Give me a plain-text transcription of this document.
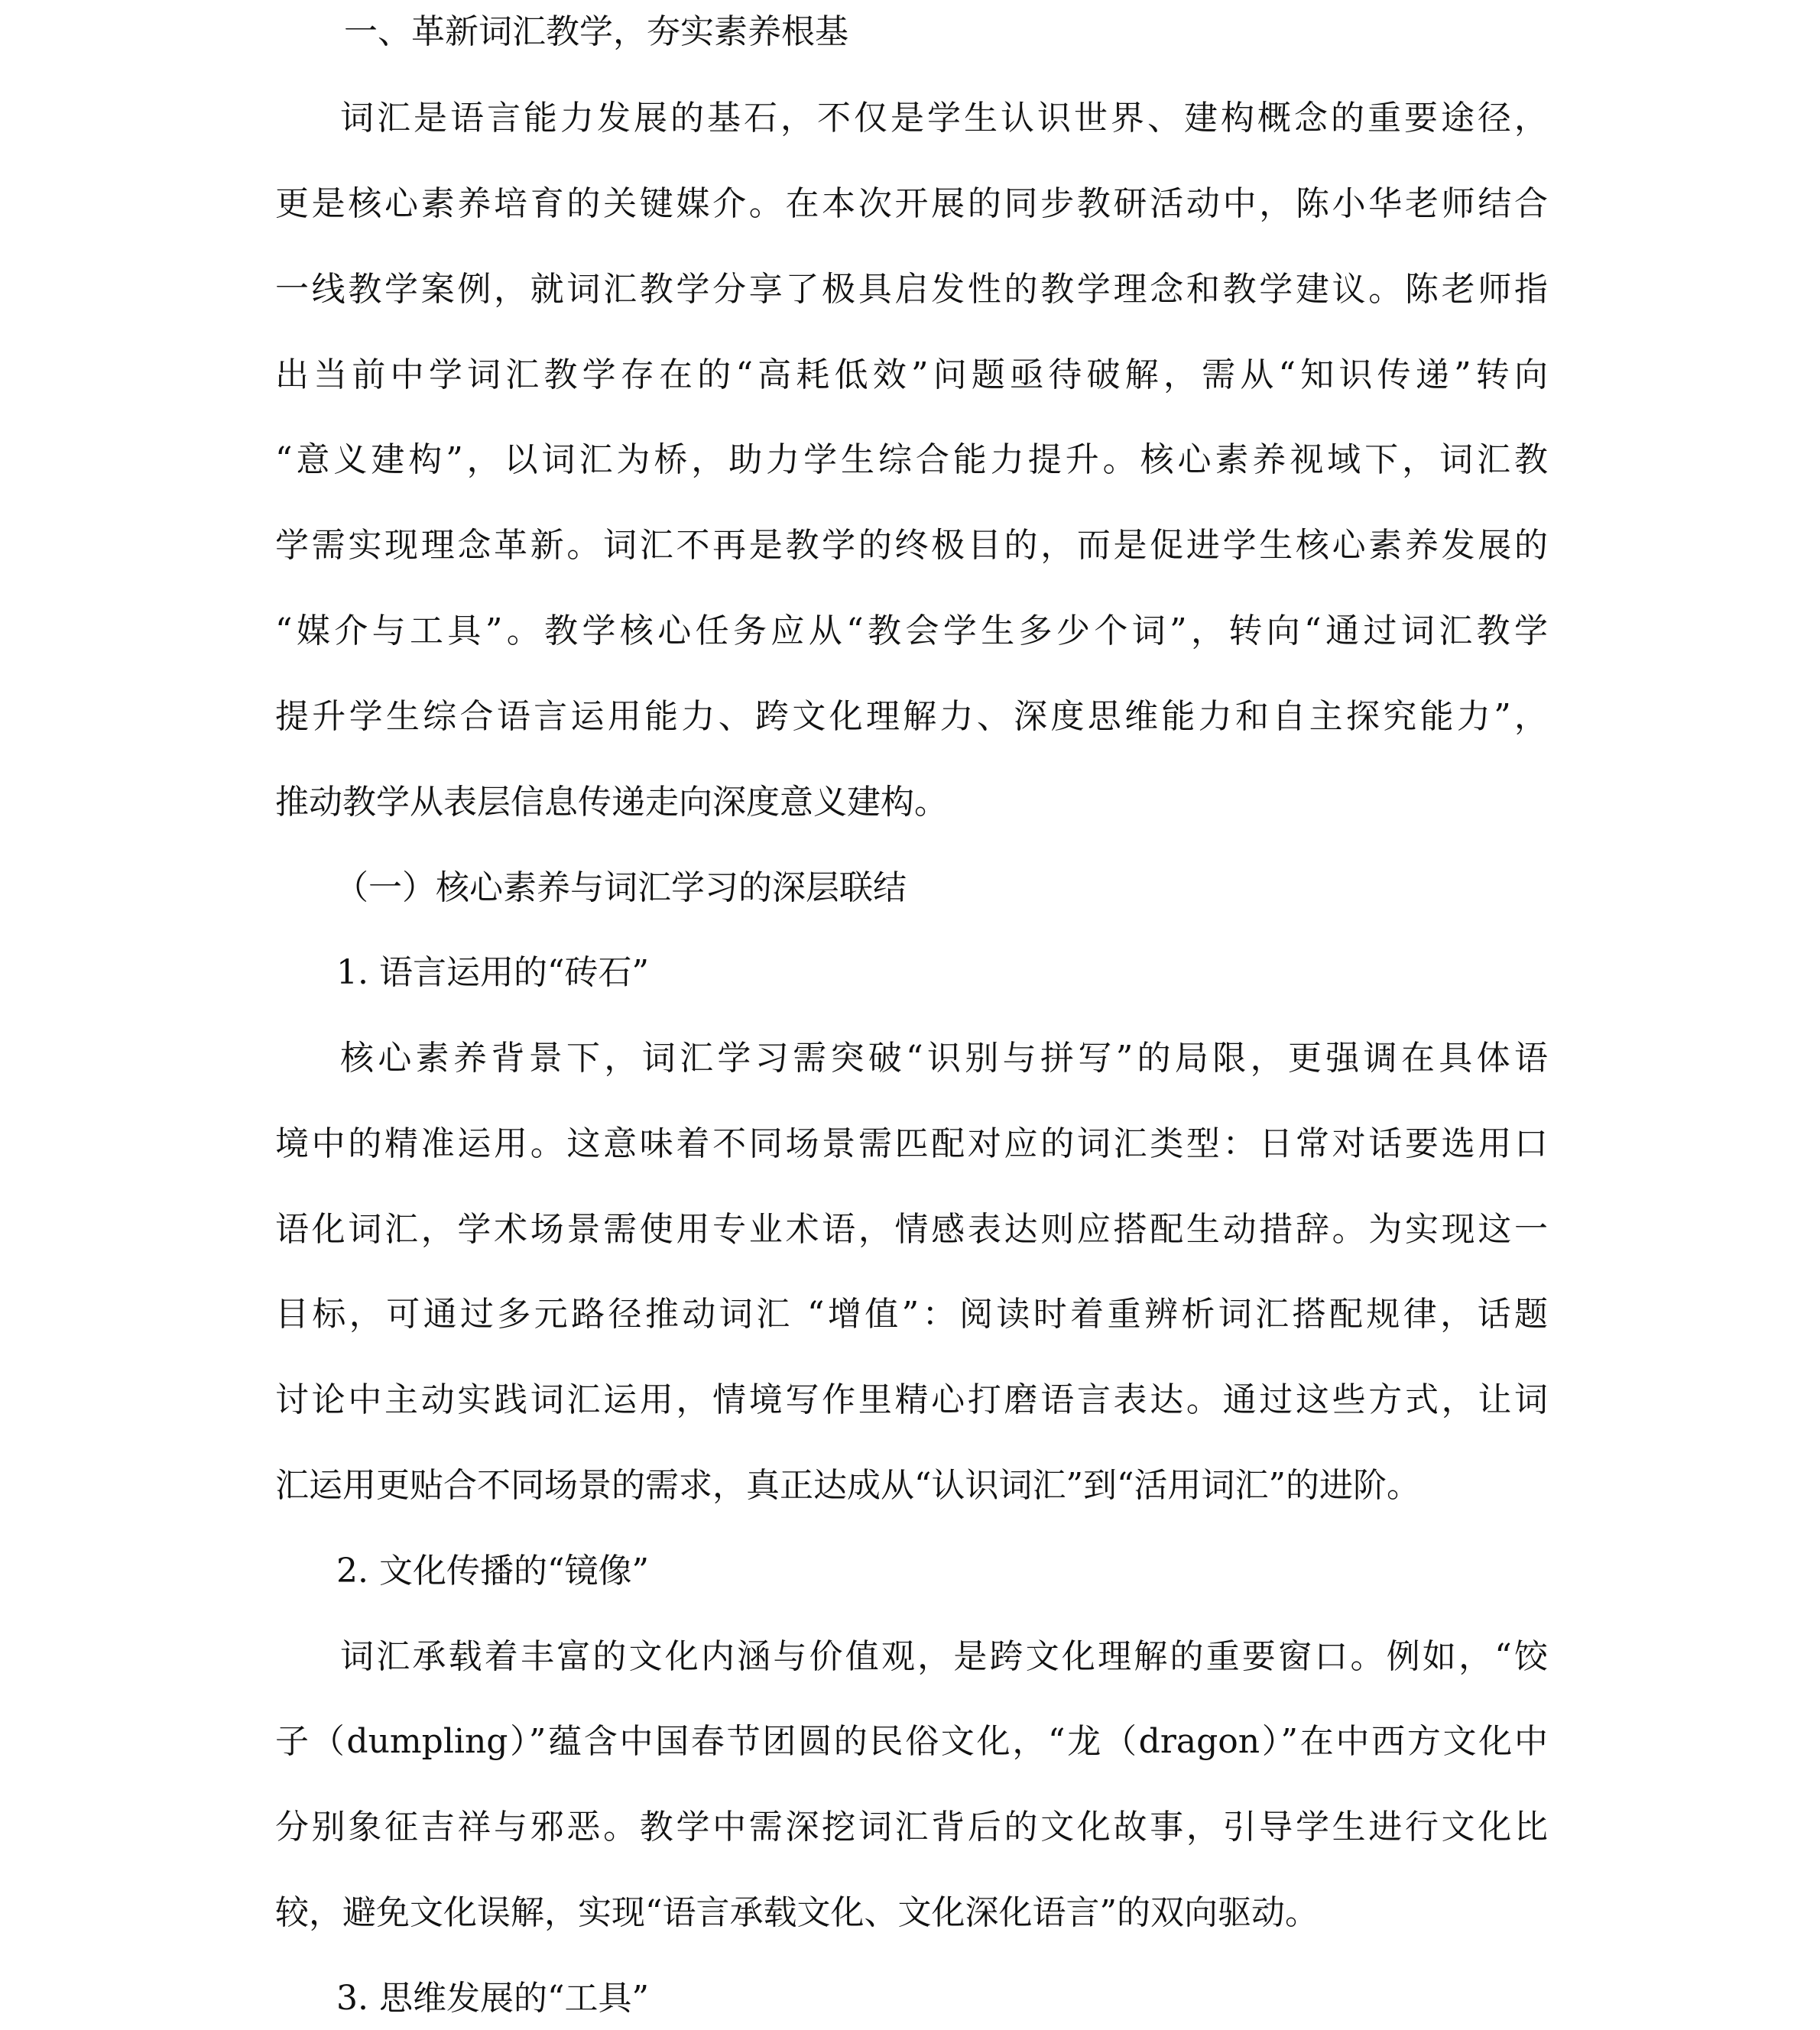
一、革新词汇教学，夯实素养根基
词汇是语言能力发展的基石，不仅是学生认识世界、建构概念的重要途径，
更是核心素养培育的关键媒介。在本次开展的同步教研活动中，陈小华老师结合
一线教学案例，就词汇教学分享了极具启发性的教学理念和教学建议。陈老师指
出当前中学词汇教学存在的“高耗低效”问题亟待破解，需从“知识传递”转向
“意义建构”，以词汇为桥，助力学生综合能力提升。核心素养视域下，词汇教
学需实现理念革新。词汇不再是教学的终极目的，而是促进学生核心素养发展的
“媒介与工具”。教学核心任务应从“教会学生多少个词”，转向“通过词汇教学
提升学生综合语言运用能力、跨文化理解力、深度思维能力和自主探究能力”，
推动教学从表层信息传递走向深度意义建构。
（一）核心素养与词汇学习的深层联结
1. 语言运用的“砖石”
核心素养背景下，词汇学习需突破“识别与拼写”的局限，更强调在具体语
境中的精准运用。这意味着不同场景需匹配对应的词汇类型：日常对话要选用口
语化词汇，学术场景需使用专业术语，情感表达则应搭配生动措辞。为实现这一
目标，可通过多元路径推动词汇 “增值”：阅读时着重辨析词汇搭配规律，话题
讨论中主动实践词汇运用，情境写作里精心打磨语言表达。通过这些方式，让词
汇运用更贴合不同场景的需求，真正达成从“认识词汇”到“活用词汇”的进阶。
2. 文化传播的“镜像”
词汇承载着丰富的文化内涵与价值观，是跨文化理解的重要窗口。例如，“饺
子（dumpling）”蕴含中国春节团圆的民俗文化，“龙（dragon）”在中西方文化中
分别象征吉祥与邪恶。教学中需深挖词汇背后的文化故事，引导学生进行文化比
较，避免文化误解，实现“语言承载文化、文化深化语言”的双向驱动。
3. 思维发展的“工具”
